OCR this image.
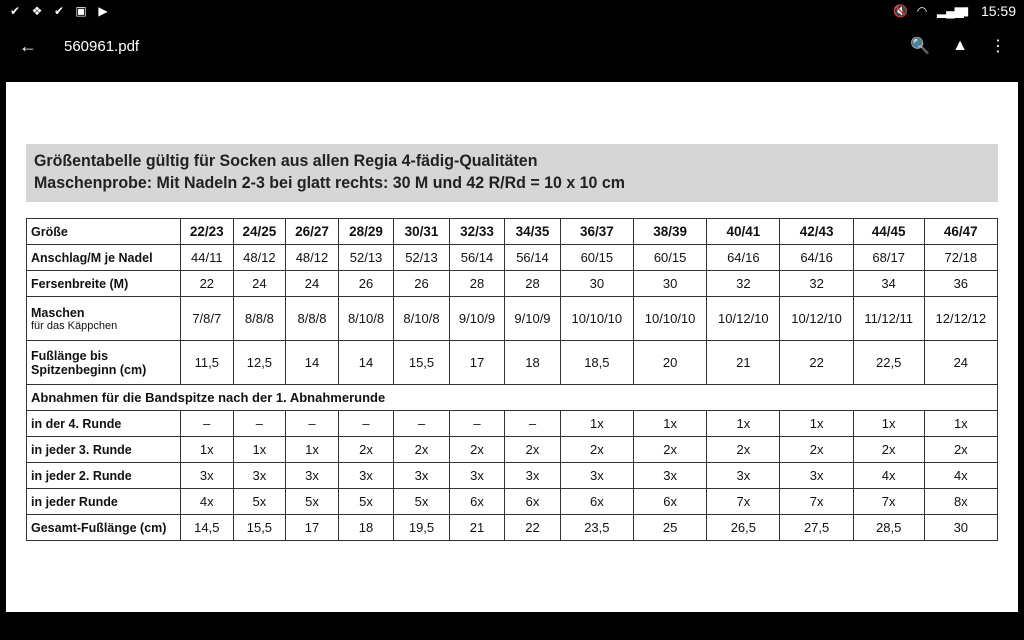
✔ ❖ ✔ ▣ ▶	🔇 ◠ ▂▄▆
▮ 15:59
←	560961.pdf	🔍 ▲ ⋮
Größentabelle gültig für Socken aus allen Regia 4-fädig-Qualitäten
Maschenprobe: Mit Nadeln 2-3 bei glatt rechts: 30 M und 42 R/Rd = 10 x 10 cm
Größe	22/23	24/25	26/27	28/29	30/31	32/33	34/35	36/37	38/39	40/41	42/43	44/45	46/47
Anschlag/M je Nadel	44/11	48/12	48/12	52/13	52/13	56/14	56/14	60/15	60/15	64/16	64/16	68/17	72/18
Fersenbreite (M)	22	24	24	26	26	28	28	30	30	32	32	34	36
Maschen
für das Käppchen	7/8/7	8/8/8	8/8/8	8/10/8	8/10/8	9/10/9	9/10/9	10/10/10	10/10/10	10/12/10	10/12/10	11/12/11	12/12/12
Fußlänge bis
Spitzenbeginn (cm)	11,5	12,5	14	14	15,5	17	18	18,5	20	21	22	22,5	24
Abnahmen für die Bandspitze nach der 1. Abnahmerunde													
in der 4. Runde	–	–	–	–	–	–	–	1x	1x	1x	1x	1x	1x
in jeder 3. Runde	1x	1x	1x	2x	2x	2x	2x	2x	2x	2x	2x	2x	2x
in jeder 2. Runde	3x	3x	3x	3x	3x	3x	3x	3x	3x	3x	3x	4x	4x
in jeder Runde	4x	5x	5x	5x	5x	6x	6x	6x	6x	7x	7x	7x	8x
Gesamt-Fußlänge (cm)	14,5	15,5	17	18	19,5	21	22	23,5	25	26,5	27,5	28,5	30
